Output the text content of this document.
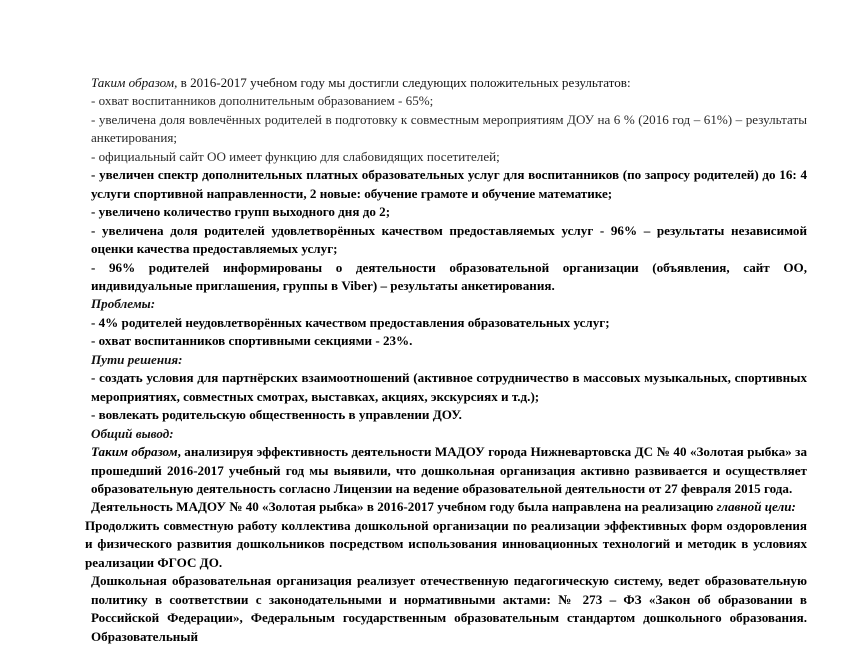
Таким образом, в 2016-2017 учебном году мы достигли следующих положительных результатов:

- охват воспитанников дополнительным образованием - 65%;

- увеличена доля вовлечённых родителей в подготовку к совместным мероприятиям ДОУ на 6 % (2016 год – 61%) – результаты анкетирования;

- официальный сайт ОО имеет функцию для слабовидящих посетителей;

- увеличен спектр дополнительных платных образовательных услуг для воспитанников (по запросу родителей) до 16: 4 услуги спортивной направленности, 2 новые: обучение грамоте и обучение математике;

- увеличено количество групп выходного дня до 2;

- увеличена доля родителей удовлетворённых качеством предоставляемых услуг - 96% – результаты независимой оценки качества предоставляемых услуг;

- 96% родителей информированы о деятельности образовательной организации (объявления, сайт ОО, индивидуальные приглашения, группы в Viber) – результаты анкетирования.

Проблемы:

- 4% родителей неудовлетворённых качеством предоставления образовательных услуг;

- охват воспитанников спортивными секциями - 23%.

Пути решения:

- создать условия для партнёрских взаимоотношений (активное сотрудничество в массовых музыкальных, спортивных мероприятиях, совместных смотрах, выставках, акциях, экскурсиях и т.д.);

- вовлекать родительскую общественность в управлении ДОУ.

Общий вывод:

Таким образом, анализируя эффективность деятельности МАДОУ города Нижневартовска ДС № 40 «Золотая рыбка» за прошедший 2016-2017 учебный год мы выявили, что дошкольная организация активно развивается и осуществляет образовательную деятельность согласно Лицензии на ведение образовательной деятельности от 27 февраля 2015 года.

Деятельность МАДОУ № 40 «Золотая рыбка» в 2016-2017 учебном году была направлена на реализацию главной цели:

Продолжить совместную работу коллектива дошкольной организации по реализации эффективных форм оздоровления и физического развития дошкольников посредством использования инновационных технологий и методик в условиях реализации ФГОС ДО.

Дошкольная образовательная организация реализует отечественную педагогическую систему, ведет образовательную политику в соответствии с законодательными и нормативными актами: № 273 – ФЗ «Закон об образовании в Российской Федерации», Федеральным государственным образовательным стандартом дошкольного образования. Образовательный
